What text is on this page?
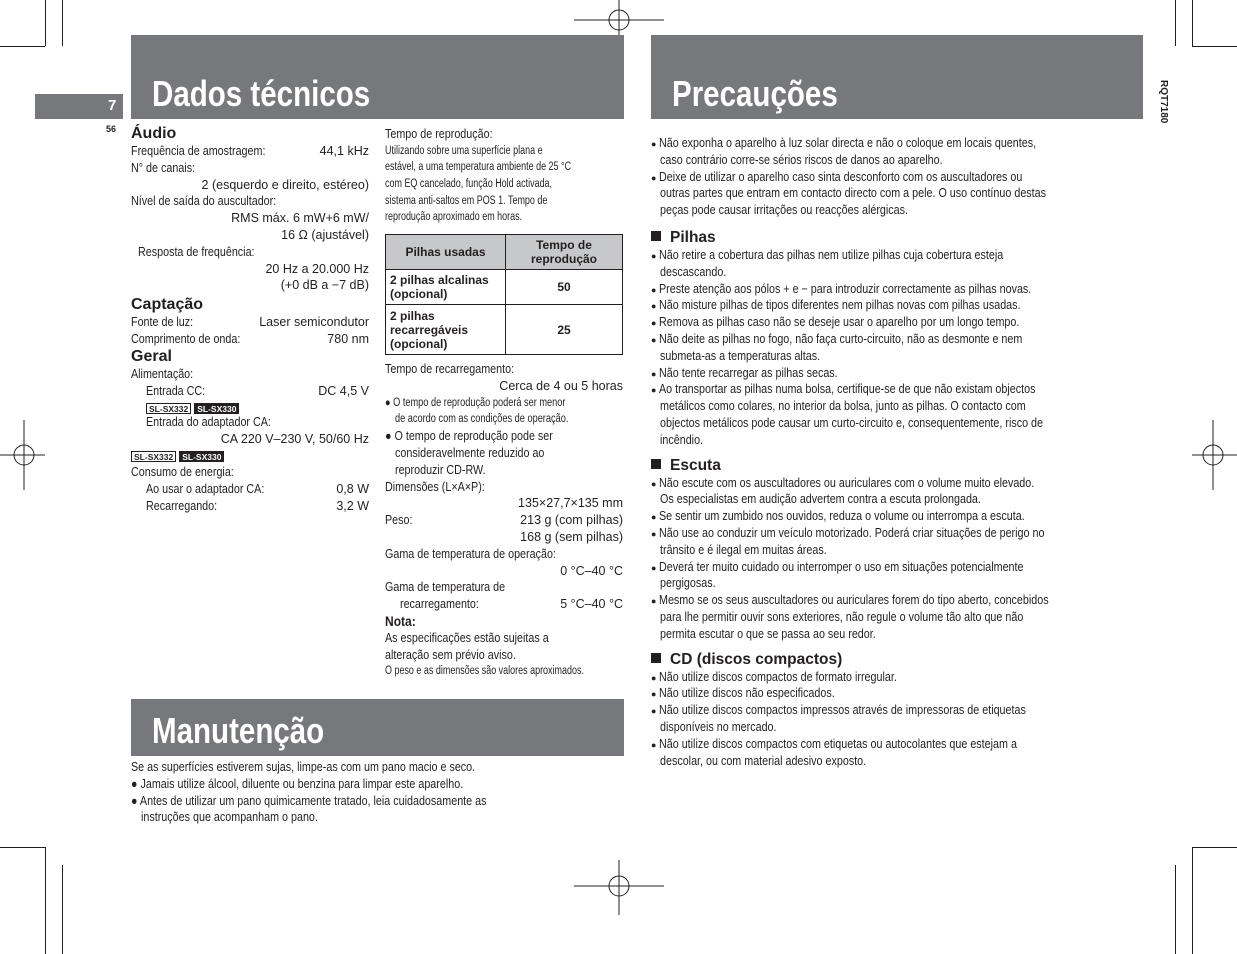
7
56
RQT7180
Dados técnicos	Precauções
Manutenção
Áudio
Frequência de amostragem:	44,1 kHz
N° de canais:
2 (esquerdo e direito, estéreo)
Nível de saída do auscultador:
RMS máx. 6 mW+6 mW/
16 Ω (ajustável)
Resposta de frequência:
20 Hz a 20.000 Hz
(+0 dB a −7 dB)
Captação
Fonte de luz:	Laser semicondutor
Comprimento de onda:	780 nm
Geral
Alimentação:
Entrada CC:	DC 4,5 V
SL-SX332 SL-SX330
Entrada do adaptador CA:
CA 220 V–230 V, 50/60 Hz
SL-SX332 SL-SX330
Consumo de energia:
Ao usar o adaptador CA:	0,8 W
Recarregando:	3,2 W
Tempo de reprodução:
Utilizando sobre uma superfície plana e
estável, a uma temperatura ambiente de 25 °C
com EQ cancelado, função Hold activada,
sistema anti-saltos em POS 1. Tempo de
reprodução aproximado em horas.
Pilhas usadas	Tempo de reprodução
2 pilhas alcalinas (opcional)	50
2 pilhas recarregáveis (opcional)	25
Tempo de recarregamento:
Cerca de 4 ou 5 horas
● O tempo de reprodução poderá ser menor
de acordo com as condições de operação.
● O tempo de reprodução pode ser
consideravelmente reduzido ao
reproduzir CD-RW.
Dimensões (L×A×P):
135×27,7×135 mm
Peso:	213 g (com pilhas)
168 g (sem pilhas)
Gama de temperatura de operação:
0 °C–40 °C
Gama de temperatura de
recarregamento:	5 °C–40 °C
Nota:
As especificações estão sujeitas a
alteração sem prévio aviso.
O peso e as dimensões são valores aproximados.
Se as superfícies estiverem sujas, limpe-as com um pano macio e seco.
● Jamais utilize álcool, diluente ou benzina para limpar este aparelho.
● Antes de utilizar um pano quimicamente tratado, leia cuidadosamente as
instruções que acompanham o pano.
● Não exponha o aparelho à luz solar directa e não o coloque em locais quentes,
caso contrário corre-se sérios riscos de danos ao aparelho.
● Deixe de utilizar o aparelho caso sinta desconforto com os auscultadores ou
outras partes que entram em contacto directo com a pele. O uso contínuo destas
peças pode causar irritações ou reacções alérgicas.
Pilhas
● Não retire a cobertura das pilhas nem utilize pilhas cuja cobertura esteja
descascando.
● Preste atenção aos pólos + e − para introduzir correctamente as pilhas novas.
● Não misture pilhas de tipos diferentes nem pilhas novas com pilhas usadas.
● Remova as pilhas caso não se deseje usar o aparelho por um longo tempo.
● Não deite as pilhas no fogo, não faça curto-circuito, não as desmonte e nem
submeta-as a temperaturas altas.
● Não tente recarregar as pilhas secas.
● Ao transportar as pilhas numa bolsa, certifique-se de que não existam objectos
metálicos como colares, no interior da bolsa, junto as pilhas. O contacto com
objectos metálicos pode causar um curto-circuito e, consequentemente, risco de
incêndio.
Escuta
● Não escute com os auscultadores ou auriculares com o volume muito elevado.
Os especialistas em audição advertem contra a escuta prolongada.
● Se sentir um zumbido nos ouvidos, reduza o volume ou interrompa a escuta.
● Não use ao conduzir um veículo motorizado. Poderá criar situações de perigo no
trânsito e é ilegal em muitas áreas.
● Deverá ter muito cuidado ou interromper o uso em situações potencialmente
pergigosas.
● Mesmo se os seus auscultadores ou auriculares forem do tipo aberto, concebidos
para lhe permitir ouvir sons exteriores, não regule o volume tão alto que não
permita escutar o que se passa ao seu redor.
CD (discos compactos)
● Não utilize discos compactos de formato irregular.
● Não utilize discos não especificados.
● Não utilize discos compactos impressos através de impressoras de etiquetas
disponíveis no mercado.
● Não utilize discos compactos com etiquetas ou autocolantes que estejam a
descolar, ou com material adesivo exposto.
